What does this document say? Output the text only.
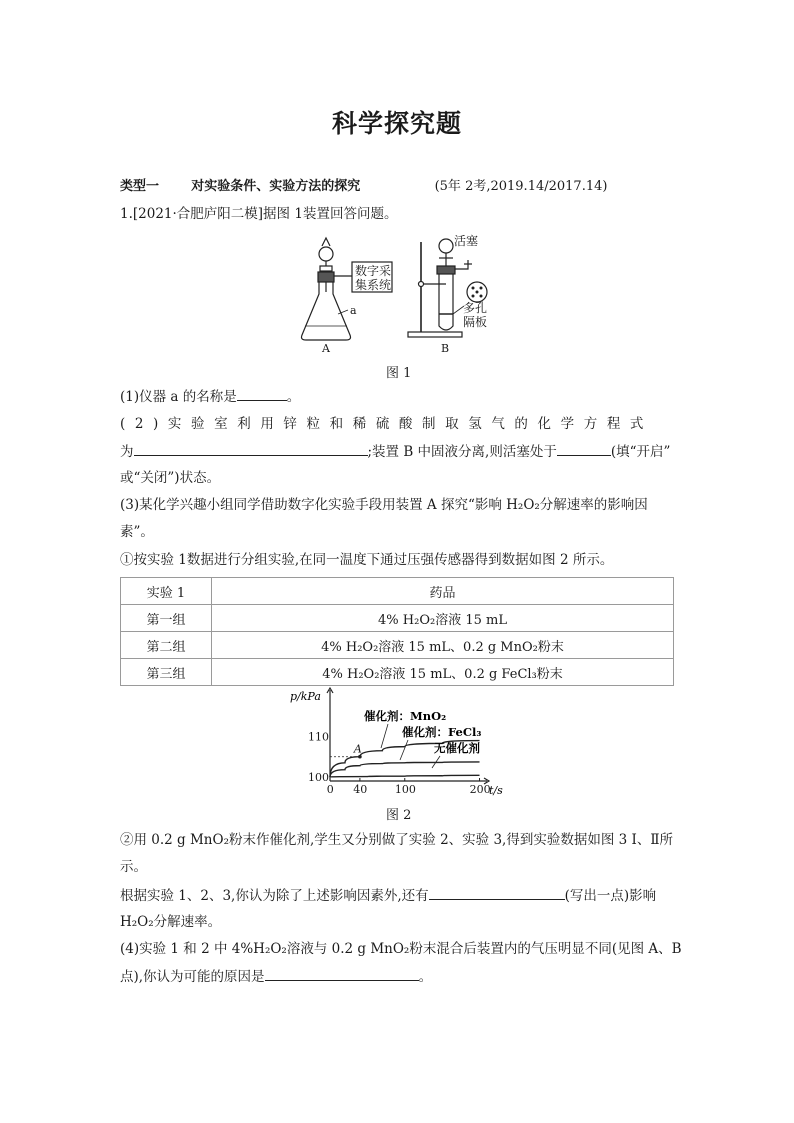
科学探究题
类型一 对实验条件、实验方法的探究	(5年 2考,2019.14/2017.14)
1.[2021·合肥庐阳二模]据图 1装置回答问题。
数字采
集系统
a
A	B
活塞
多孔
隔板
图 1
(1)仪器 a 的名称是	。
(2)实验室利用锌粒和稀硫酸制取氢气的化学方程式
为	;装置 B 中固液分离,则活塞处于	(填“开启”
或“关闭”)状态。
(3)某化学兴趣小组同学借助数字化实验手段用装置 A 探究“影响 H₂O₂分解速率的影响因
素”。
①按实验 1数据进行分组实验,在同一温度下通过压强传感器得到数据如图 2 所示。
实验 1	药品
第一组	4% H₂O₂溶液 15 mL
第二组	4% H₂O₂溶液 15 mL、0.2 g MnO₂粉末
第三组	4% H₂O₂溶液 15 mL、0.2 g FeCl₃粉末
A
0 40	100	200
100
110
p/kPa
t/s
催化剂：MnO₂
催化剂：FeCl₃
无催化剂
图 2
②用 0.2 g MnO₂粉末作催化剂,学生又分别做了实验 2、实验 3,得到实验数据如图 3 Ⅰ、Ⅱ所
示。
根据实验 1、2、3,你认为除了上述影响因素外,还有	(写出一点)影响
H₂O₂分解速率。
(4)实验 1 和 2 中 4%H₂O₂溶液与 0.2 g MnO₂粉末混合后装置内的气压明显不同(见图 A、B
点),你认为可能的原因是	。
